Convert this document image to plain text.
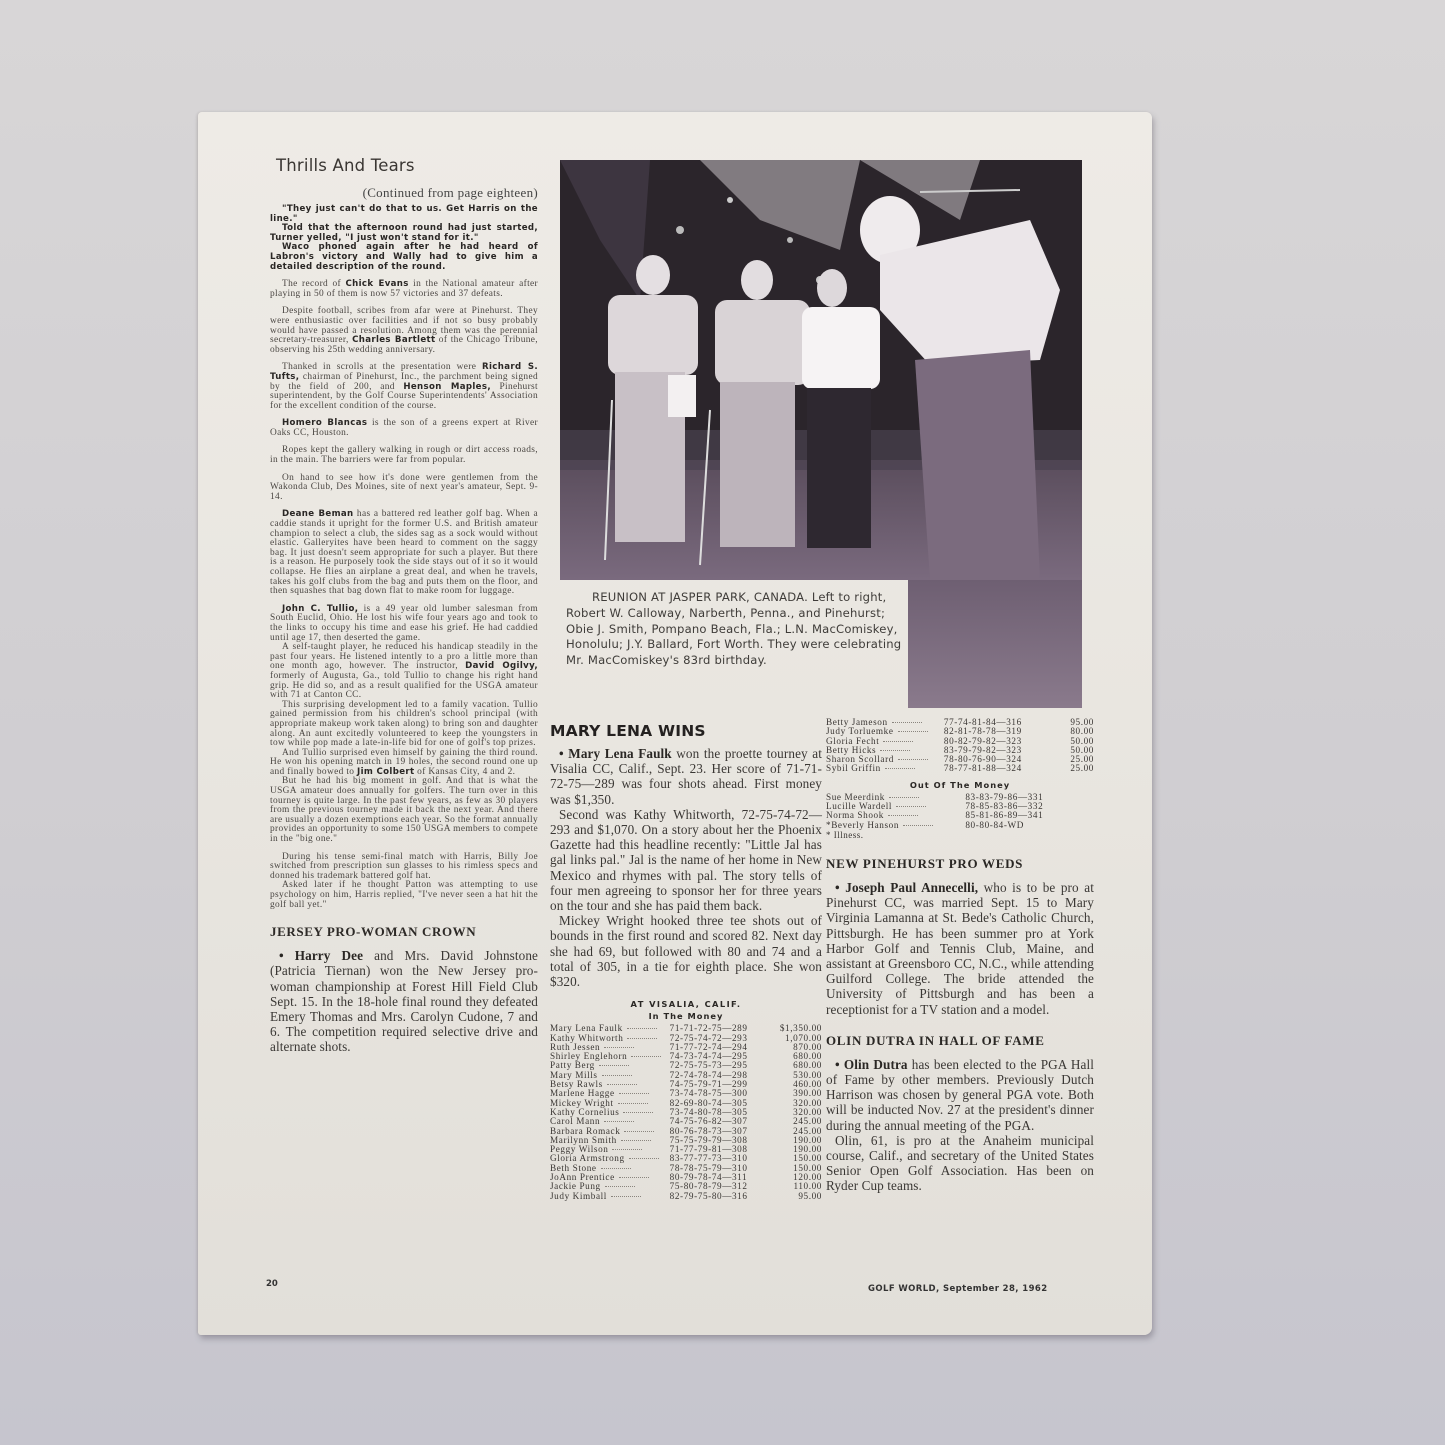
Thrills And Tears
(Continued from page eighteen)

"They just can't do that to us. Get Harris on the line."

Told that the afternoon round had just started, Turner yelled, "I just won't stand for it."

Waco phoned again after he had heard of Labron's victory and Wally had to give him a detailed description of the round.

The record of Chick Evans in the National amateur after playing in 50 of them is now 57 victories and 37 defeats.

Despite football, scribes from afar were at Pinehurst. They were enthusiastic over facilities and if not so busy probably would have passed a resolution. Among them was the perennial secretary-treasurer, Charles Bartlett of the Chicago Tribune, observing his 25th wedding anniversary.

Thanked in scrolls at the presentation were Richard S. Tufts, chairman of Pinehurst, Inc., the parchment being signed by the field of 200, and Henson Maples, Pinehurst superintendent, by the Golf Course Superintendents' Association for the excellent condition of the course.

Homero Blancas is the son of a greens expert at River Oaks CC, Houston.

Ropes kept the gallery walking in rough or dirt access roads, in the main. The barriers were far from popular.

On hand to see how it's done were gentlemen from the Wakonda Club, Des Moines, site of next year's amateur, Sept. 9-14.

Deane Beman has a battered red leather golf bag. When a caddie stands it upright for the former U.S. and British amateur champion to select a club, the sides sag as a sock would without elastic. Galleryites have been heard to comment on the saggy bag. It just doesn't seem appropriate for such a player. But there is a reason. He purposely took the side stays out of it so it would collapse. He flies an airplane a great deal, and when he travels, takes his golf clubs from the bag and puts them on the floor, and then squashes that bag down flat to make room for luggage.

John C. Tullio, is a 49 year old lumber salesman from South Euclid, Ohio. He lost his wife four years ago and took to the links to occupy his time and ease his grief. He had caddied until age 17, then deserted the game.

A self-taught player, he reduced his handicap steadily in the past four years. He listened intently to a pro a little more than one month ago, however. The instructor, David Ogilvy, formerly of Augusta, Ga., told Tullio to change his right hand grip. He did so, and as a result qualified for the USGA amateur with 71 at Canton CC.

This surprising development led to a family vacation. Tullio gained permission from his children's school principal (with appropriate makeup work taken along) to bring son and daughter along. An aunt excitedly volunteered to keep the youngsters in tow while pop made a late-in-life bid for one of golf's top prizes.

And Tullio surprised even himself by gaining the third round. He won his opening match in 19 holes, the second round one up and finally bowed to Jim Colbert of Kansas City, 4 and 2.

But he had his big moment in golf. And that is what the USGA amateur does annually for golfers. The turn over in this tourney is quite large. In the past few years, as few as 30 players from the previous tourney made it back the next year. And there are usually a dozen exemptions each year. So the format annually provides an opportunity to some 150 USGA members to compete in the "big one."

During his tense semi-final match with Harris, Billy Joe switched from prescription sun glasses to his rimless specs and donned his trademark battered golf hat.

Asked later if he thought Patton was attempting to use psychology on him, Harris replied, "I've never seen a hat hit the golf ball yet."

JERSEY PRO-WOMAN CROWN

• Harry Dee and Mrs. David Johnstone (Patricia Tiernan) won the New Jersey pro-woman championship at Forest Hill Field Club Sept. 15. In the 18-hole final round they defeated Emery Thomas and Mrs. Carolyn Cudone, 7 and 6. The competition required selective drive and alternate shots.

REUNION AT JASPER PARK, CANADA. Left to right, Robert W. Calloway, Narberth, Penna., and Pinehurst; Obie J. Smith, Pompano Beach, Fla.; L.N. MacComiskey, Honolulu; J.Y. Ballard, Fort Worth. They were celebrating Mr. MacComiskey's 83rd birthday.
MARY LENA WINS

• Mary Lena Faulk won the proette tourney at Visalia CC, Calif., Sept. 23. Her score of 71-71-72-75—289 was four shots ahead. First money was $1,350.

Second was Kathy Whitworth, 72-75-74-72—293 and $1,070. On a story about her the Phoenix Gazette had this headline recently: "Little Jal has gal links pal." Jal is the name of her home in New Mexico and rhymes with pal. The story tells of four men agreeing to sponsor her for three years on the tour and she has paid them back.

Mickey Wright hooked three tee shots out of bounds in the first round and scored 82. Next day she had 69, but followed with 80 and 74 and a total of 305, in a tie for eighth place. She won $320.

AT VISALIA, CALIF.
In The Money
Mary Lena Faulk	71-71-72-75—289	$1,350.00
Kathy Whitworth	72-75-74-72—293	1,070.00
Ruth Jessen	71-77-72-74—294	870.00
Shirley Englehorn	74-73-74-74—295	680.00
Patty Berg	72-75-75-73—295	680.00
Mary Mills	72-74-78-74—298	530.00
Betsy Rawls	74-75-79-71—299	460.00
Marlene Hagge	73-74-78-75—300	390.00
Mickey Wright	82-69-80-74—305	320.00
Kathy Cornelius	73-74-80-78—305	320.00
Carol Mann	74-75-76-82—307	245.00
Barbara Romack	80-76-78-73—307	245.00
Marilynn Smith	75-75-79-79—308	190.00
Peggy Wilson	71-77-79-81—308	190.00
Gloria Armstrong	83-77-77-73—310	150.00
Beth Stone	78-78-75-79—310	150.00
JoAnn Prentice	80-79-78-74—311	120.00
Jackie Pung	75-80-78-79—312	110.00
Judy Kimball	82-79-75-80—316	95.00
Betty Jameson	77-74-81-84—316	95.00
Judy Torluemke	82-81-78-78—319	80.00
Gloria Fecht	80-82-79-82—323	50.00
Betty Hicks	83-79-79-82—323	50.00
Sharon Scollard	78-80-76-90—324	25.00
Sybil Griffin	78-77-81-88—324	25.00
Out Of The Money
Sue Meerdink	83-83-79-86—331
Lucille Wardell	78-85-83-86—332
Norma Shook	85-81-86-89—341
*Beverly Hanson	80-80-84-WD
* Illness.
NEW PINEHURST PRO WEDS

• Joseph Paul Annecelli, who is to be pro at Pinehurst CC, was married Sept. 15 to Mary Virginia Lamanna at St. Bede's Catholic Church, Pittsburgh. He has been summer pro at York Harbor Golf and Tennis Club, Maine, and assistant at Greensboro CC, N.C., while attending Guilford College. The bride attended the University of Pittsburgh and has been a receptionist for a TV station and a model.

OLIN DUTRA IN HALL OF FAME

• Olin Dutra has been elected to the PGA Hall of Fame by other members. Previously Dutch Harrison was chosen by general PGA vote. Both will be inducted Nov. 27 at the president's dinner during the annual meeting of the PGA.

Olin, 61, is pro at the Anaheim municipal course, Calif., and secretary of the United States Senior Open Golf Association. Has been on Ryder Cup teams.

20	GOLF WORLD, September 28, 1962
